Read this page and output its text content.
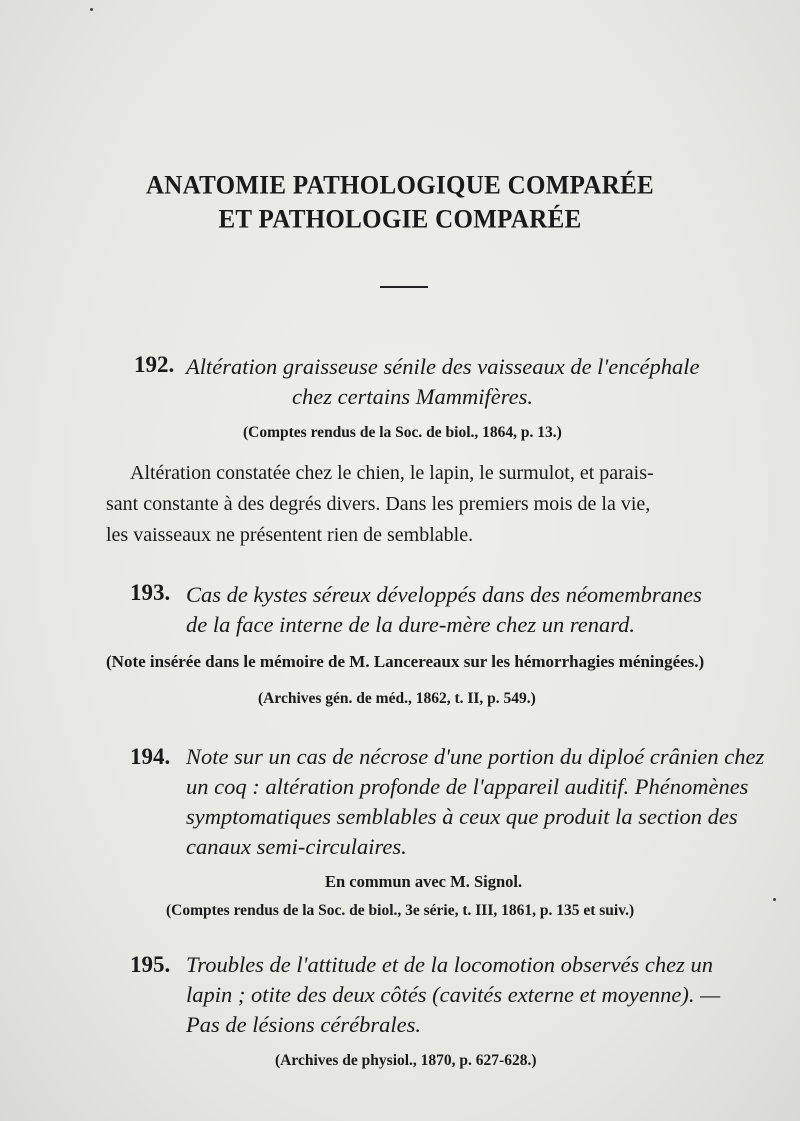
ANATOMIE PATHOLOGIQUE COMPARÉE
ET PATHOLOGIE COMPARÉE
192. Altération graisseuse sénile des vaisseaux de l'encéphale
chez certains Mammifères.
(Comptes rendus de la Soc. de biol., 1864, p. 13.)
Altération constatée chez le chien, le lapin, le surmulot, et parais-
sant constante à des degrés divers. Dans les premiers mois de la vie,
les vaisseaux ne présentent rien de semblable.
193. Cas de kystes séreux développés dans des néomembranes
de la face interne de la dure-mère chez un renard.
(Note insérée dans le mémoire de M. Lancereaux sur les hémorrhagies méningées.)
(Archives gén. de méd., 1862, t. II, p. 549.)
194. Note sur un cas de nécrose d'une portion du diploé crânien chez
un coq : altération profonde de l'appareil auditif. Phénomènes
symptomatiques semblables à ceux que produit la section des
canaux semi-circulaires.
En commun avec M. Signol.
(Comptes rendus de la Soc. de biol., 3e série, t. III, 1861, p. 135 et suiv.)
195. Troubles de l'attitude et de la locomotion observés chez un
lapin ; otite des deux côtés (cavités externe et moyenne). —
Pas de lésions cérébrales.
(Archives de physiol., 1870, p. 627-628.)
